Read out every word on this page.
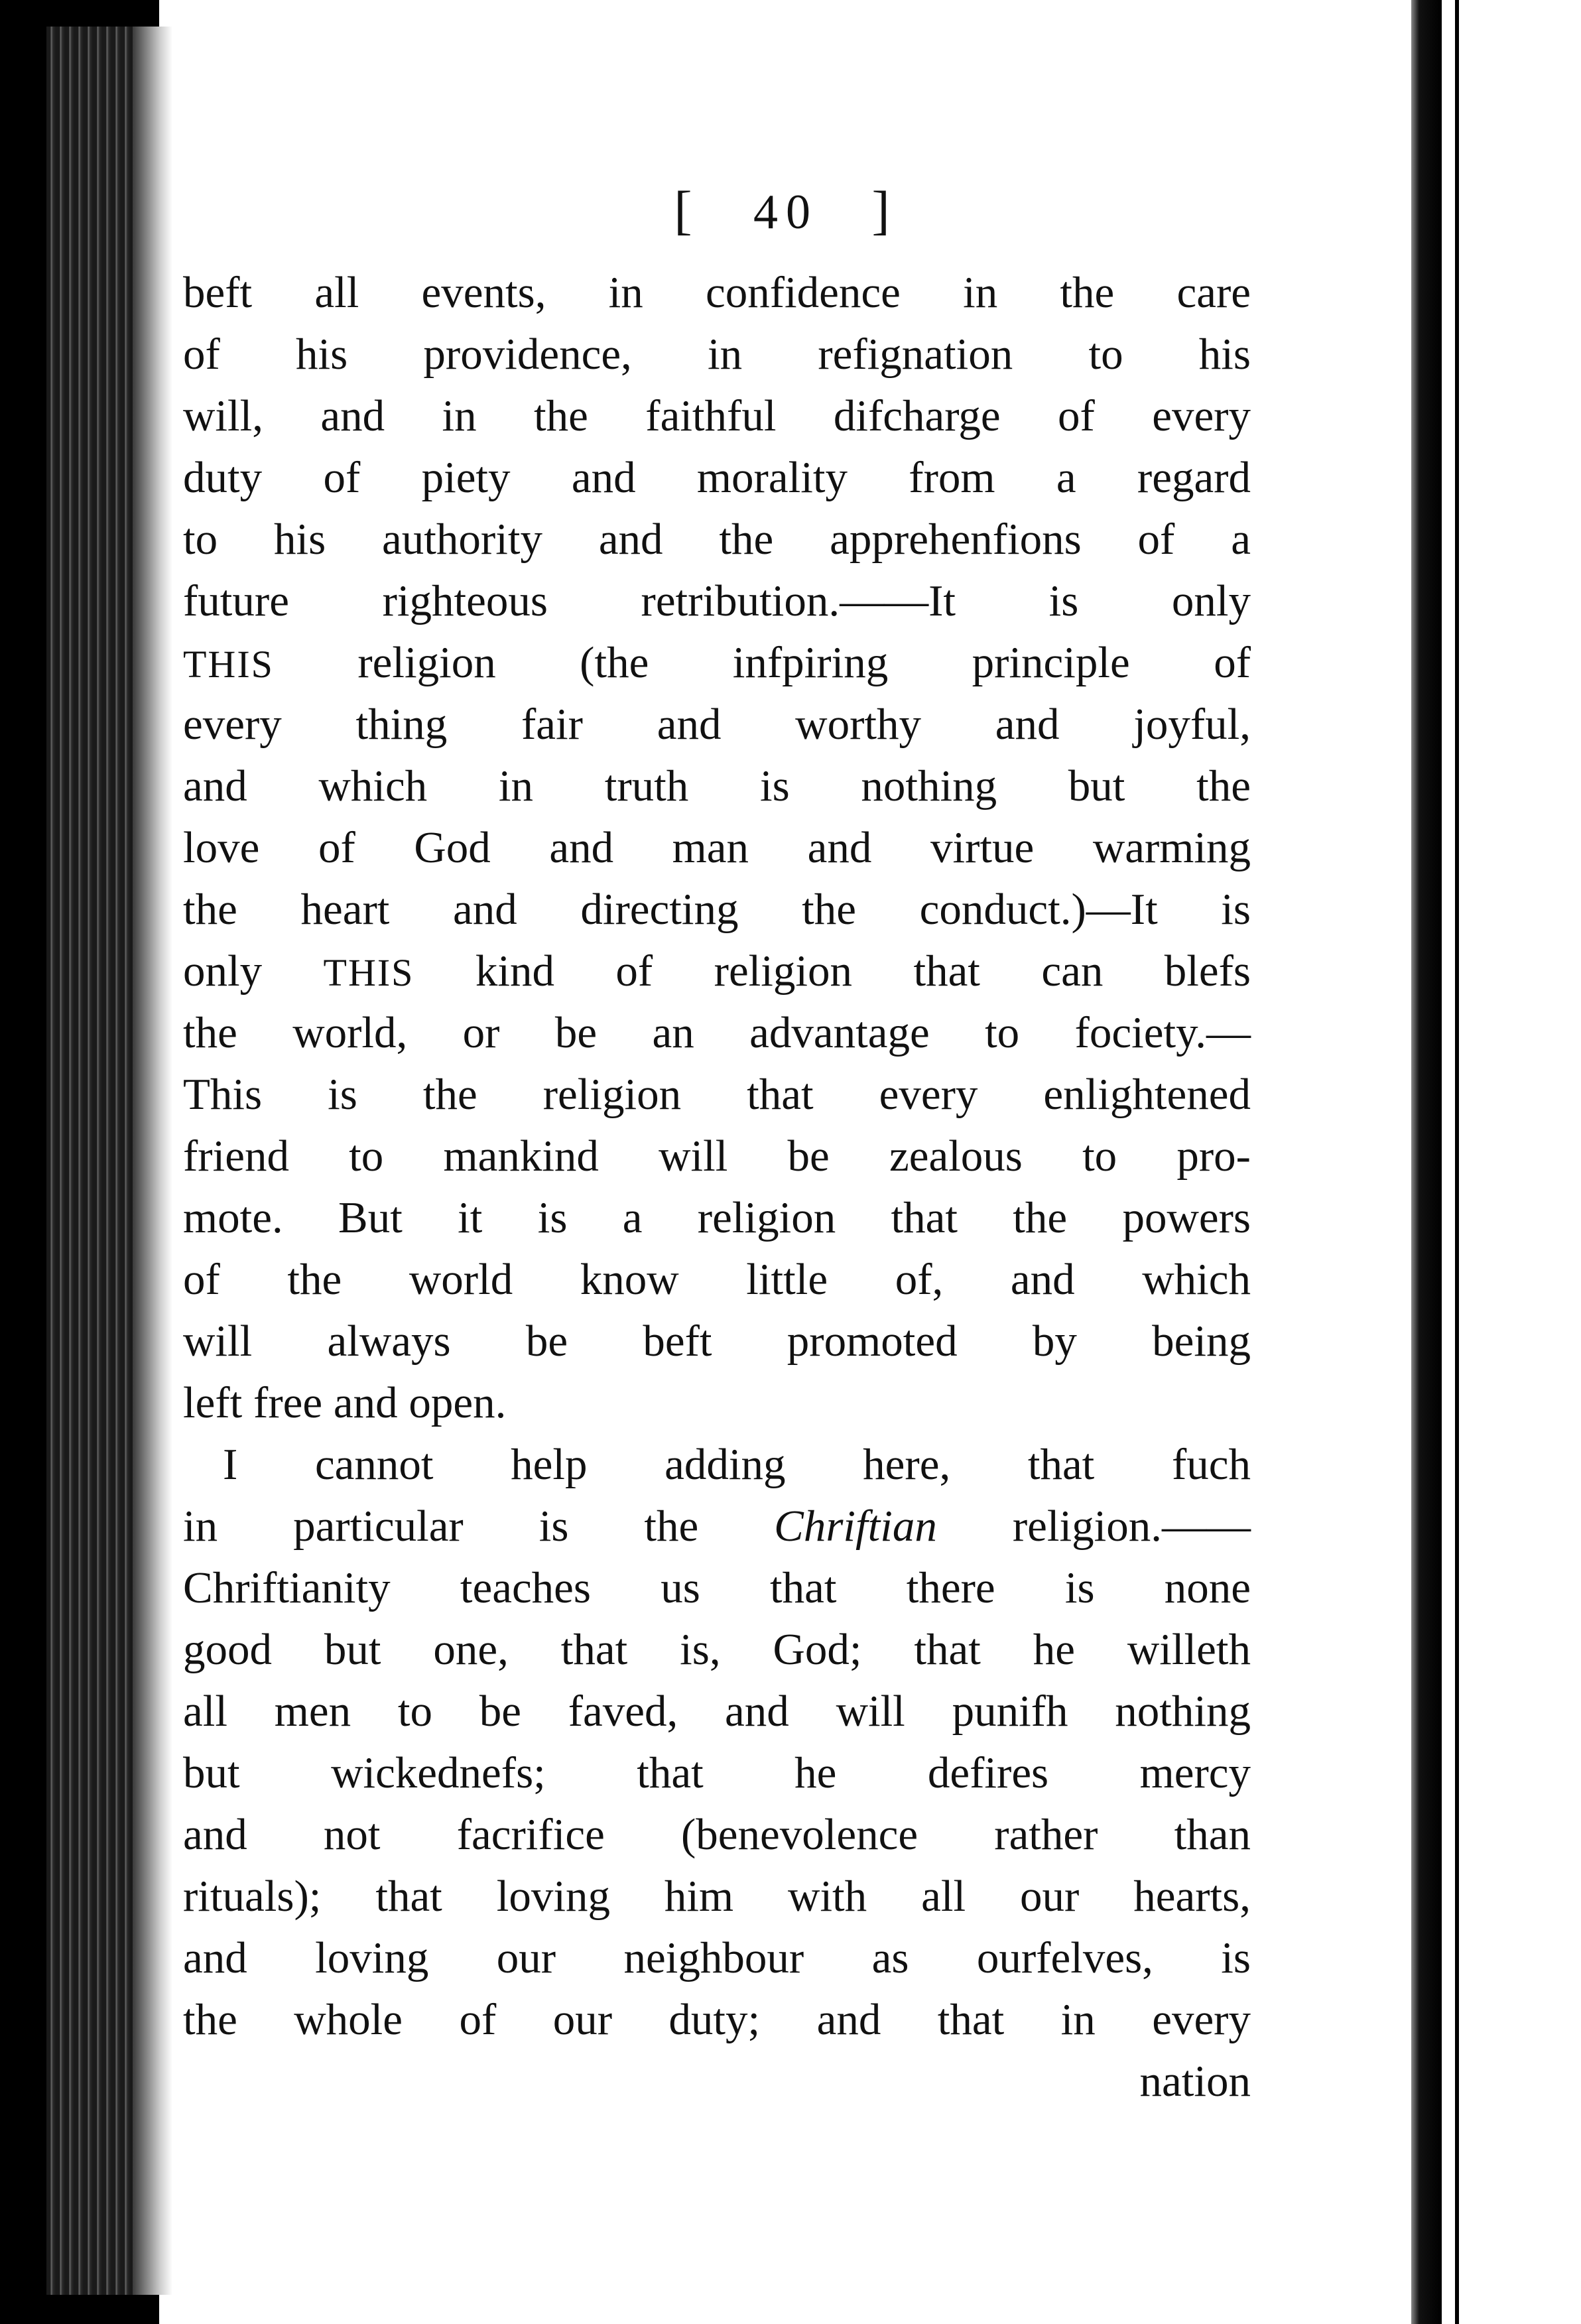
[ 40 ]
beft all events, in confidence in the care
of his providence, in refignation to his
will, and in the faithful difcharge of every
duty of piety and morality from a regard
to his authority and the apprehenfions of a
future righteous retribution.——It is only
THIS religion (the infpiring principle of
every thing fair and worthy and joyful,
and which in truth is nothing but the
love of God and man and virtue warming
the heart and directing the conduct.)—It is
only THIS kind of religion that can blefs
the world, or be an advantage to fociety.—
This is the religion that every enlightened
friend to mankind will be zealous to pro-
mote. But it is a religion that the powers
of the world know little of, and which
will always be beft promoted by being
left free and open.
I cannot help adding here, that fuch
in particular is the Chriftian religion.——
Chriftianity teaches us that there is none
good but one, that is, God; that he willeth
all men to be faved, and will punifh nothing
but wickednefs; that he defires mercy
and not facrifice (benevolence rather than
rituals); that loving him with all our hearts,
and loving our neighbour as ourfelves, is
the whole of our duty; and that in every
nation
